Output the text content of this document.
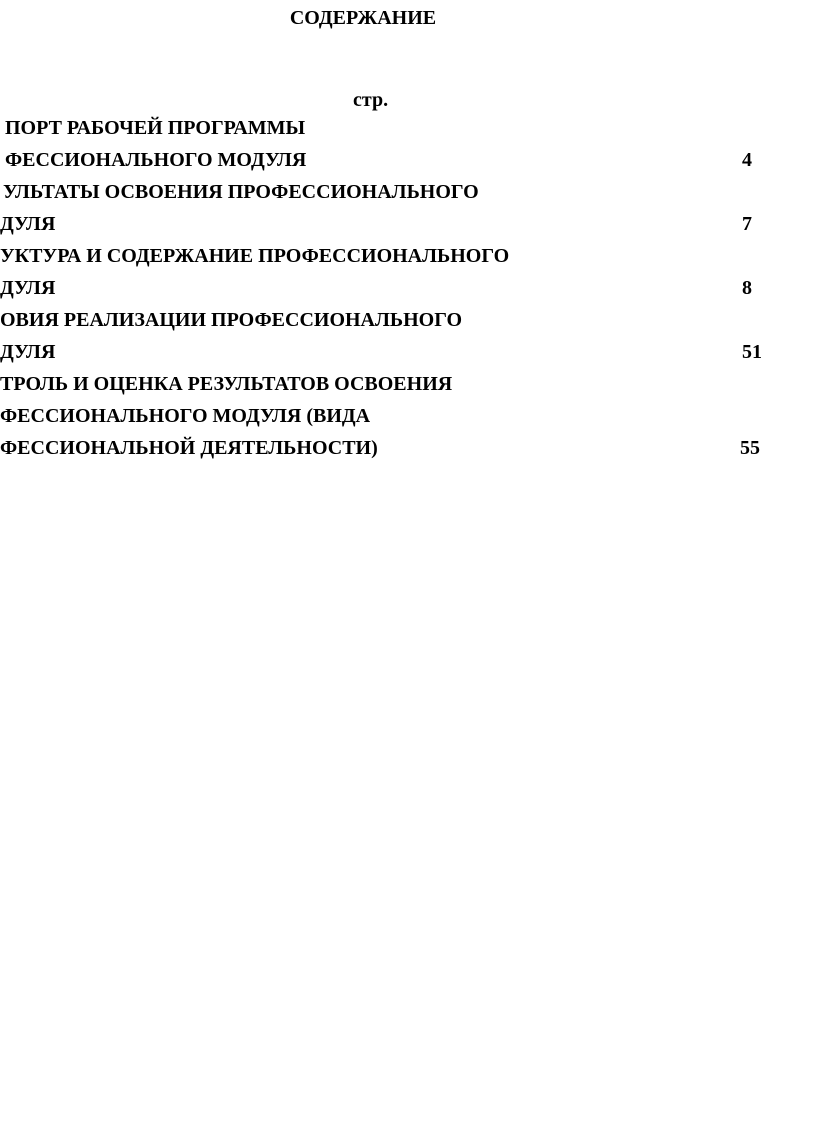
СОДЕРЖАНИЕ
стр.
ПОРТ РАБОЧЕЙ ПРОГРАММЫ
ФЕССИОНАЛЬНОГО МОДУЛЯ	4
УЛЬТАТЫ ОСВОЕНИЯ ПРОФЕССИОНАЛЬНОГО
ДУЛЯ	7
УКТУРА И СОДЕРЖАНИЕ ПРОФЕССИОНАЛЬНОГО
ДУЛЯ	8
ОВИЯ РЕАЛИЗАЦИИ ПРОФЕССИОНАЛЬНОГО
ДУЛЯ	51
ТРОЛЬ И ОЦЕНКА РЕЗУЛЬТАТОВ ОСВОЕНИЯ
ФЕССИОНАЛЬНОГО МОДУЛЯ (ВИДА
ФЕССИОНАЛЬНОЙ ДЕЯТЕЛЬНОСТИ)	55
